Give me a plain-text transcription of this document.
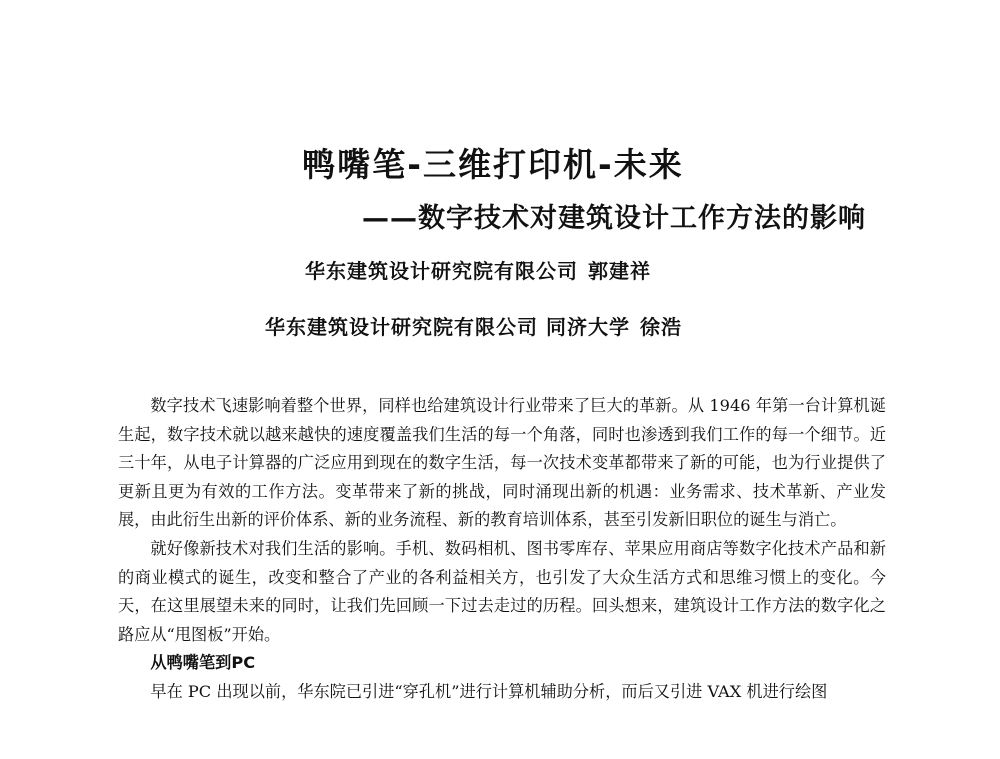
鸭嘴笔-三维打印机-未来
——数字技术对建筑设计工作方法的影响
华东建筑设计研究院有限公司 郭建祥
华东建筑设计研究院有限公司 同济大学 徐浩

数字技术飞速影响着整个世界，同样也给建筑设计行业带来了巨大的革新。从 1946 年第一台计算机诞生起，数字技术就以越来越快的速度覆盖我们生活的每一个角落，同时也渗透到我们工作的每一个细节。近三十年，从电子计算器的广泛应用到现在的数字生活，每一次技术变革都带来了新的可能，也为行业提供了更新且更为有效的工作方法。变革带来了新的挑战，同时涌现出新的机遇：业务需求、技术革新、产业发展，由此衍生出新的评价体系、新的业务流程、新的教育培训体系，甚至引发新旧职位的诞生与消亡。

就好像新技术对我们生活的影响。手机、数码相机、图书零库存、苹果应用商店等数字化技术产品和新的商业模式的诞生，改变和整合了产业的各利益相关方，也引发了大众生活方式和思维习惯上的变化。今天，在这里展望未来的同时，让我们先回顾一下过去走过的历程。回头想来，建筑设计工作方法的数字化之路应从“甩图板”开始。

从鸭嘴笔到PC

早在 PC 出现以前，华东院已引进“穿孔机”进行计算机辅助分析，而后又引进 VAX 机进行绘图
